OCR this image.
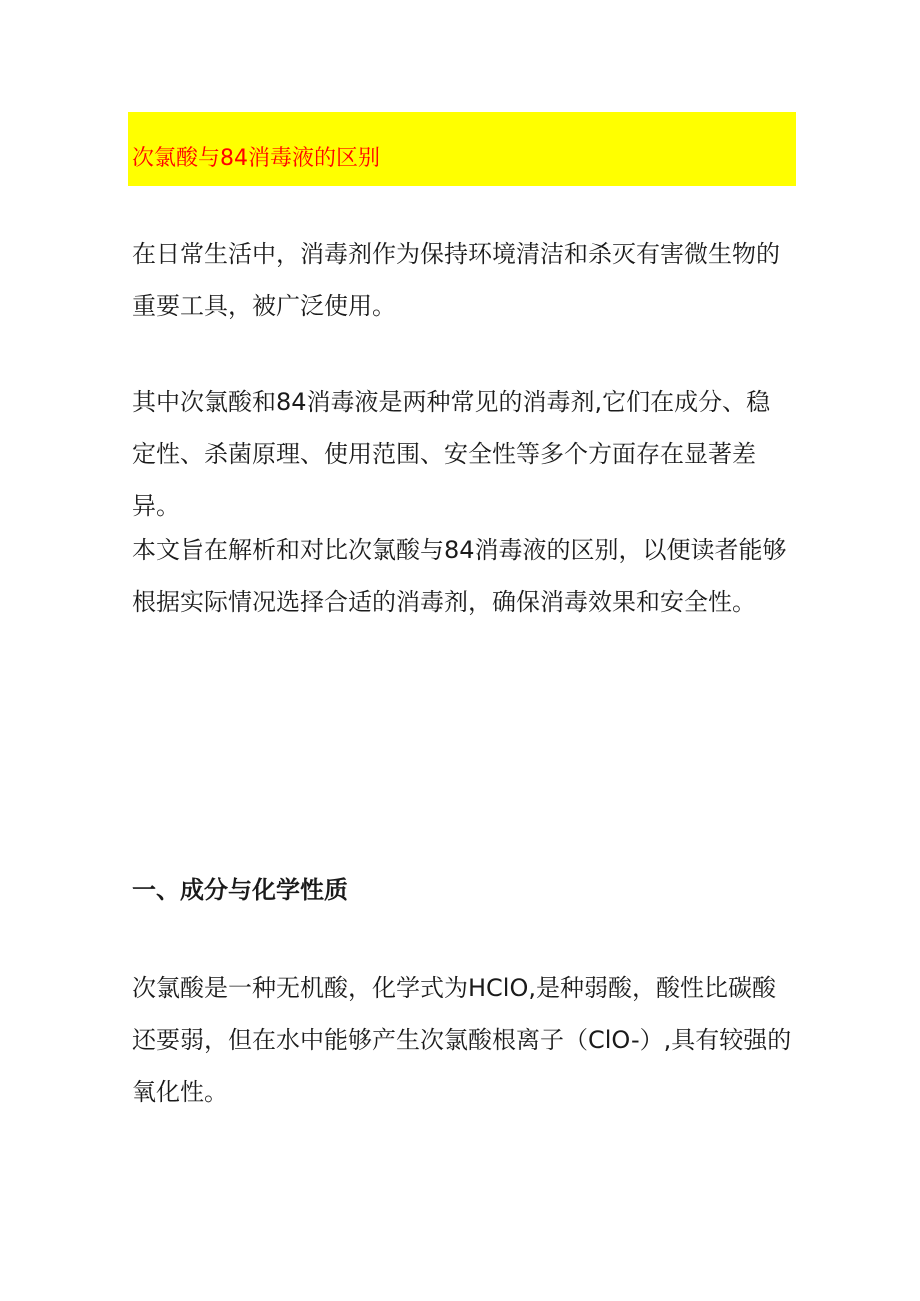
次氯酸与84消毒液的区别

在日常生活中，消毒剂作为保持环境清洁和杀灭有害微生物的重要工具，被广泛使用。

其中次氯酸和84消毒液是两种常见的消毒剂,它们在成分、稳定性、杀菌原理、使用范围、安全性等多个方面存在显著差异。

本文旨在解析和对比次氯酸与84消毒液的区别，以便读者能够根据实际情况选择合适的消毒剂，确保消毒效果和安全性。

一、成分与化学性质

次氯酸是一种无机酸，化学式为HClO,是种弱酸，酸性比碳酸还要弱，但在水中能够产生次氯酸根离子（ClO-）,具有较强的氧化性。
